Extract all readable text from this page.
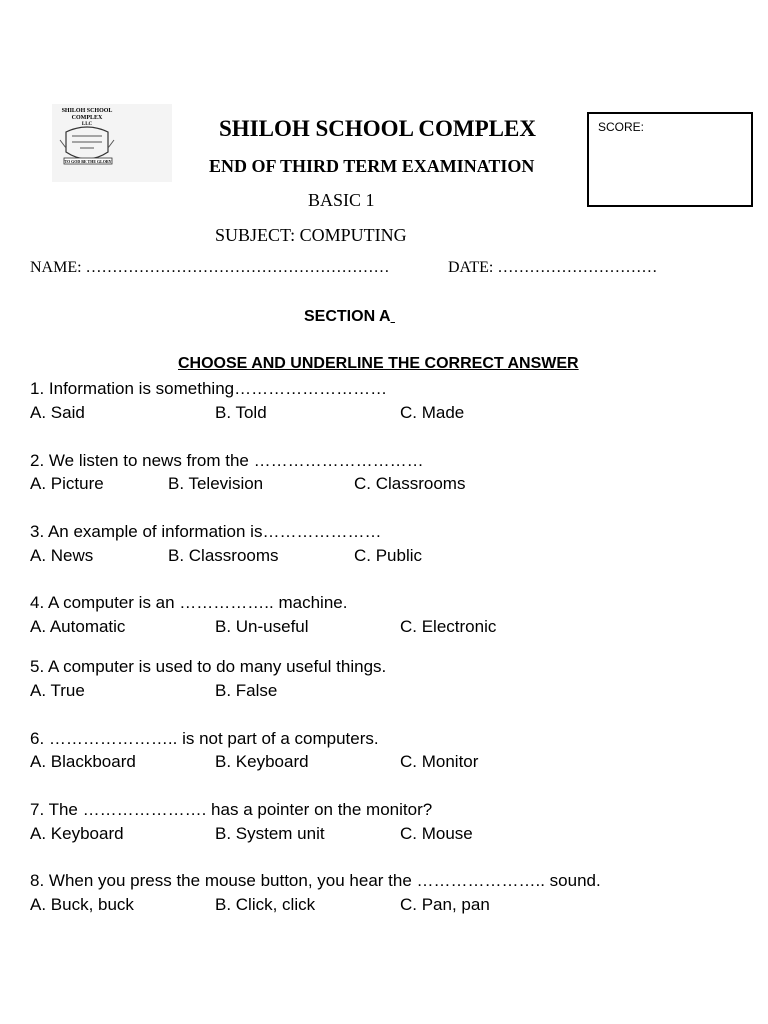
SHILOH SCHOOL
COMPLEX
LLC
TO GOD BE THE GLORY
SHILOH SCHOOL COMPLEX
END OF THIRD TERM EXAMINATION
BASIC 1
SUBJECT: COMPUTING
NAME: …………………………………………………	DATE: …………………………
SCORE:
SECTION A
CHOOSE AND UNDERLINE THE CORRECT ANSWER
1. Information is something………………………
A. Said	B. Told	C. Made
2. We listen to news from the …………………………
A. Picture	B. Television	C. Classrooms
3. An example of information is…………………
A. News	B. Classrooms	C. Public
4. A computer is an …………….. machine.
A. Automatic	B. Un-useful	C. Electronic
5. A computer is used to do many useful things.
A. True	B. False
6. ………………….. is not part of a computers.
A. Blackboard	B. Keyboard	C. Monitor
7. The …………………. has a pointer on the monitor?
A. Keyboard	B. System unit	C. Mouse
8. When you press the mouse button, you hear the ………………….. sound.
A. Buck, buck	B. Click, click	C. Pan, pan
